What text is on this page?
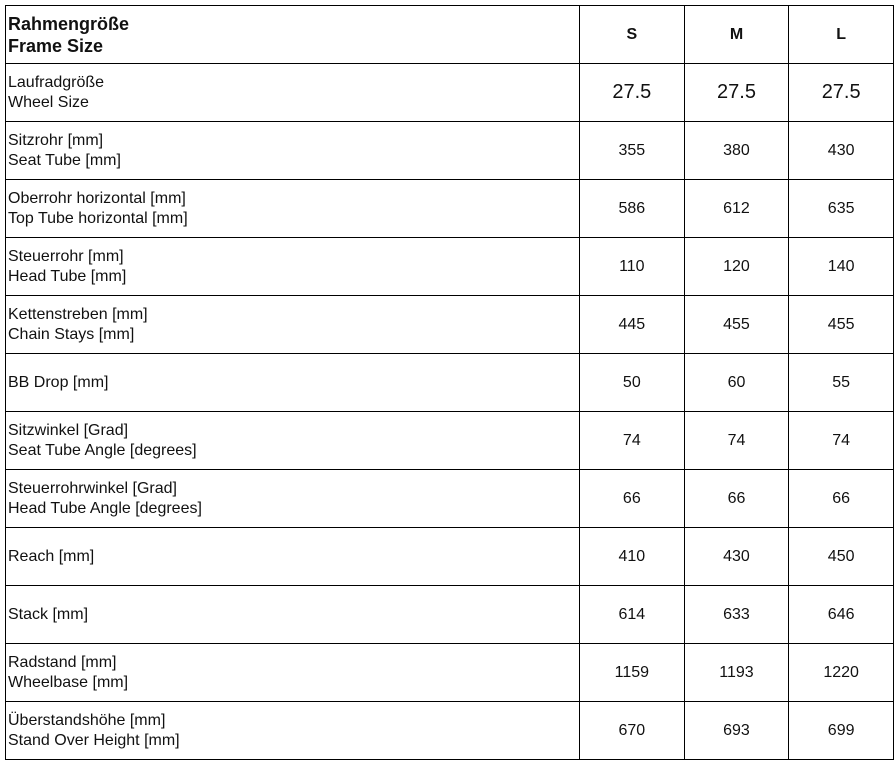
Rahmengröße
Frame Size	S	M	L

Laufradgröße
Wheel Size	27.5	27.5	27.5

Sitzrohr [mm]
Seat Tube [mm]	355	380	430

Oberrohr horizontal [mm]
Top Tube horizontal [mm]	586	612	635

Steuerrohr [mm]
Head Tube [mm]	110	120	140

Kettenstreben [mm]
Chain Stays [mm]	445	455	455

BB Drop [mm]	50	60	55

Sitzwinkel [Grad]
Seat Tube Angle [degrees]	74	74	74

Steuerrohrwinkel [Grad]
Head Tube Angle [degrees]	66	66	66

Reach [mm]	410	430	450

Stack [mm]	614	633	646

Radstand [mm]
Wheelbase [mm]	1159	1193	1220

Überstandshöhe [mm]
Stand Over Height [mm]	670	693	699
